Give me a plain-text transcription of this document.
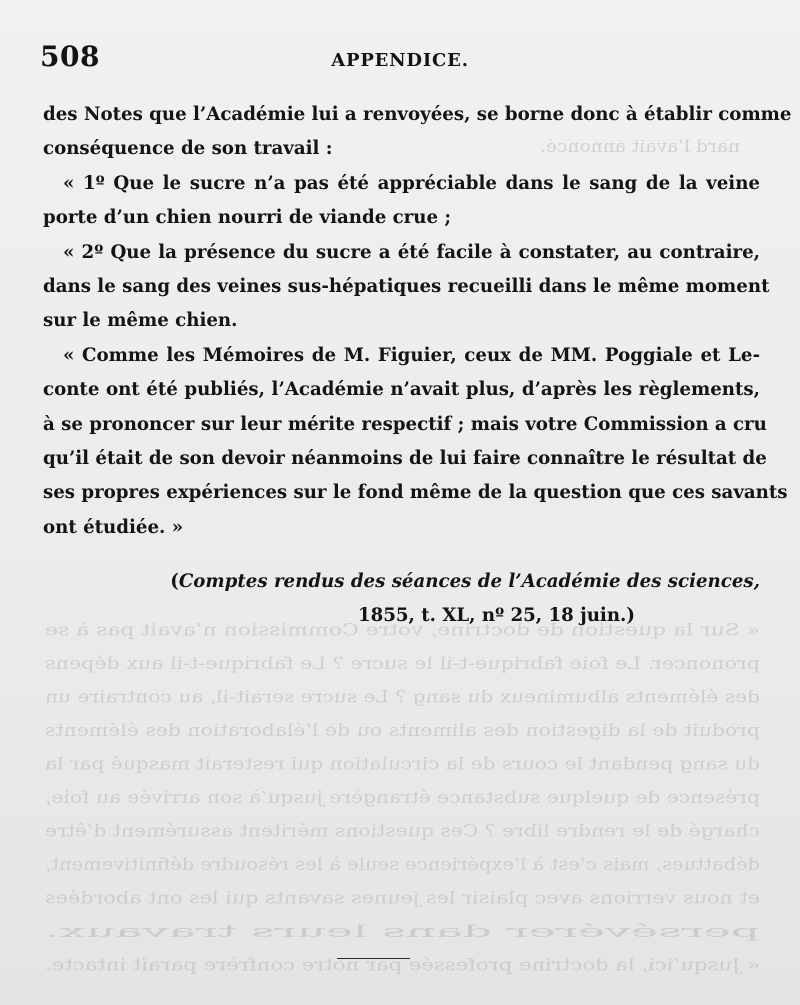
nard l’avait annoncé.
« Sur la question de doctrine, votre Commission n’avait pas à se
prononcer. Le foie fabrique-t-il le sucre ? Le fabrique-t-il aux dépens
des éléments albumineux du sang ? Le sucre serait-il, au contraire un
produit de la digestion des aliments ou de l’élaboration des éléments
du sang pendant le cours de la circulation qui resterait masqué par la
présence de quelque substance étrangère jusqu’à son arrivée au foie,
chargé de le rendre libre ? Ces questions méritent assurément d’être
débattues, mais c’est à l’expérience seule à les résoudre définitivement,
et nous verrions avec plaisir les jeunes savants qui les ont abordées
persévérer dans leurs travaux.
« Jusqu’ici, la doctrine professée par notre confrère paraît intacte.
508	APPENDICE.
des Notes que l’Académie lui a renvoyées, se borne donc à établir comme
conséquence de son travail :
« 1º Que le sucre n’a pas été appréciable dans le sang de la veine
porte d’un chien nourri de viande crue ;
« 2º Que la présence du sucre a été facile à constater, au contraire,
dans le sang des veines sus-hépatiques recueilli dans le même moment
sur le même chien.
« Comme les Mémoires de M. Figuier, ceux de MM. Poggiale et Le-
conte ont été publiés, l’Académie n’avait plus, d’après les règlements,
à se prononcer sur leur mérite respectif ; mais votre Commission a cru
qu’il était de son devoir néanmoins de lui faire connaître le résultat de
ses propres expériences sur le fond même de la question que ces savants
ont étudiée. »
(Comptes rendus des séances de l’Académie des sciences,
1855, t. XL, nº 25, 18 juin.)
